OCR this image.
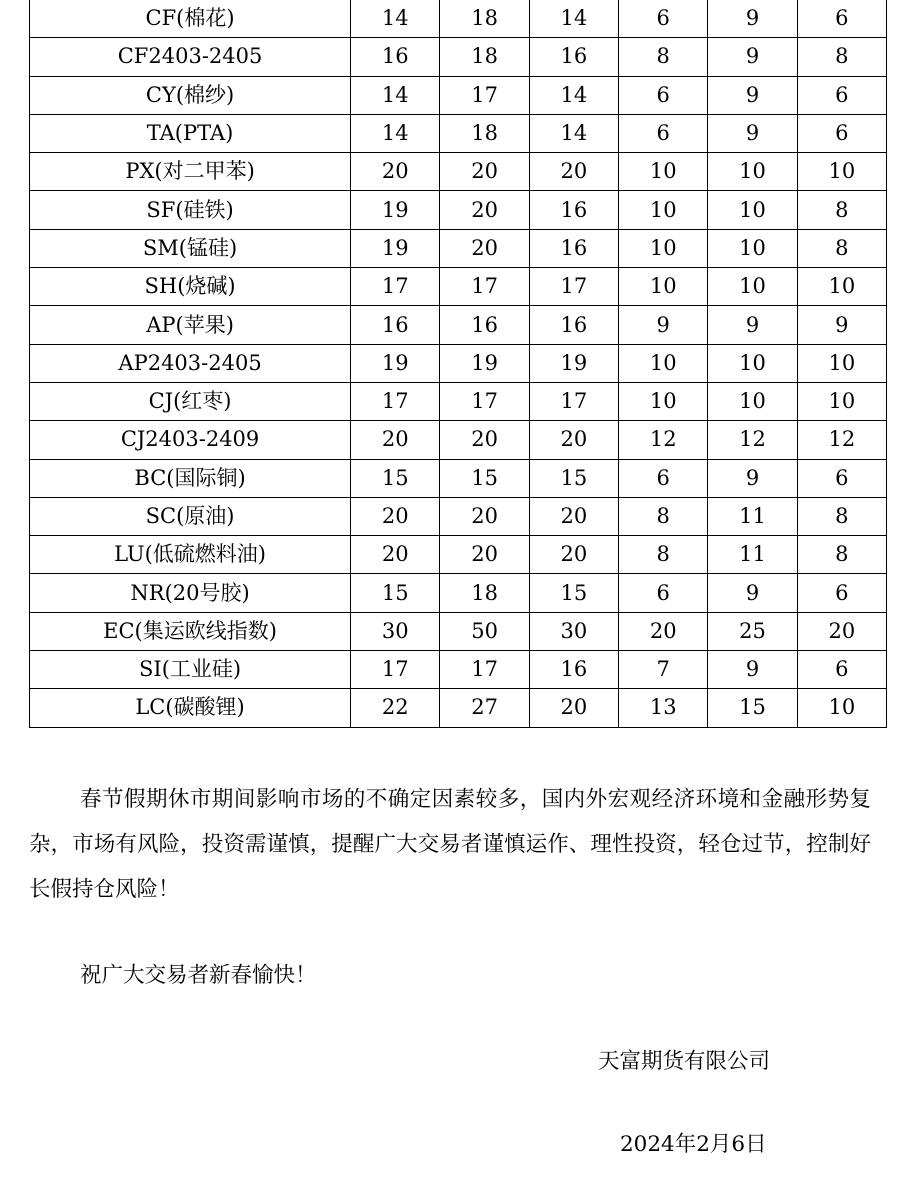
CF(棉花)	14	18	14	6	9	6
CF2403-2405	16	18	16	8	9	8
CY(棉纱)	14	17	14	6	9	6
TA(PTA)	14	18	14	6	9	6
PX(对二甲苯)	20	20	20	10	10	10
SF(硅铁)	19	20	16	10	10	8
SM(锰硅)	19	20	16	10	10	8
SH(烧碱)	17	17	17	10	10	10
AP(苹果)	16	16	16	9	9	9
AP2403-2405	19	19	19	10	10	10
CJ(红枣)	17	17	17	10	10	10
CJ2403-2409	20	20	20	12	12	12
BC(国际铜)	15	15	15	6	9	6
SC(原油)	20	20	20	8	11	8
LU(低硫燃料油)	20	20	20	8	11	8
NR(20号胶)	15	18	15	6	9	6
EC(集运欧线指数)	30	50	30	20	25	20
SI(工业硅)	17	17	16	7	9	6
LC(碳酸锂)	22	27	20	13	15	10

春节假期休市期间影响市场的不确定因素较多，国内外宏观经济环境和金融形势复杂，市场有风险，投资需谨慎，提醒广大交易者谨慎运作、理性投资，轻仓过节，控制好长假持仓风险！

祝广大交易者新春愉快！

天富期货有限公司

2024年2月6日
